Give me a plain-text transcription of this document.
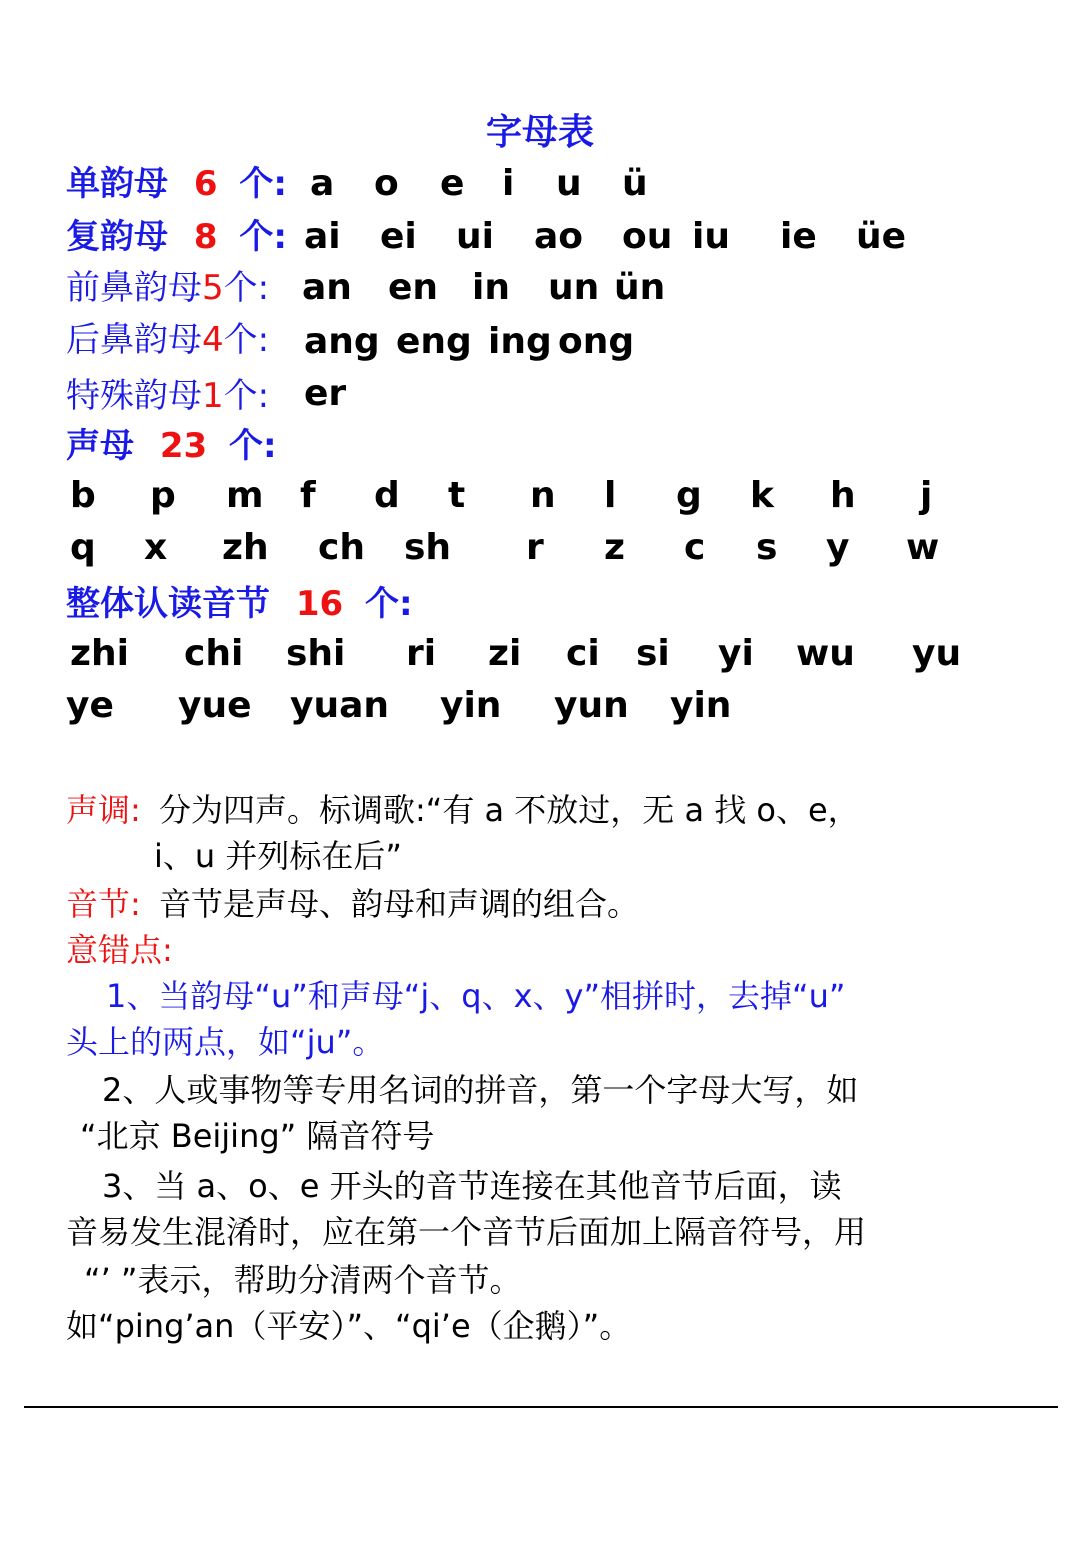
字母表
单韵母 6 个: a o e i u ü
复韵母 8 个: ai ei ui ao ou iu ie üe
前鼻韵母5个: an en in un ün
后鼻韵母4个: ang eng ing ong
特殊韵母1个: er
声母 23 个:
b p m f d t n l g k h j
q x zh ch sh r z c s y w
整体认读音节 16 个:
zhi chi shi ri zi ci si yi wu yu
ye yue yuan yin yun yin
声调: 分为四声。标调歌:“有 a 不放过，无 a 找 o、e，
i、u 并列标在后”
音节: 音节是声母、韵母和声调的组合。
意错点:
1、当韵母“u”和声母“j、q、x、y”相拼时，去掉“u”
头上的两点，如“ju”。
2、人或事物等专用名词的拼音，第一个字母大写，如
“北京 Beijing” 隔音符号
3、当 a、o、e 开头的音节连接在其他音节后面，读
音易发生混淆时，应在第一个音节后面加上隔音符号，用
“’ ”表示，帮助分清两个音节。
如“ping’an（平安）”、“qi’e（企鹅）”。
